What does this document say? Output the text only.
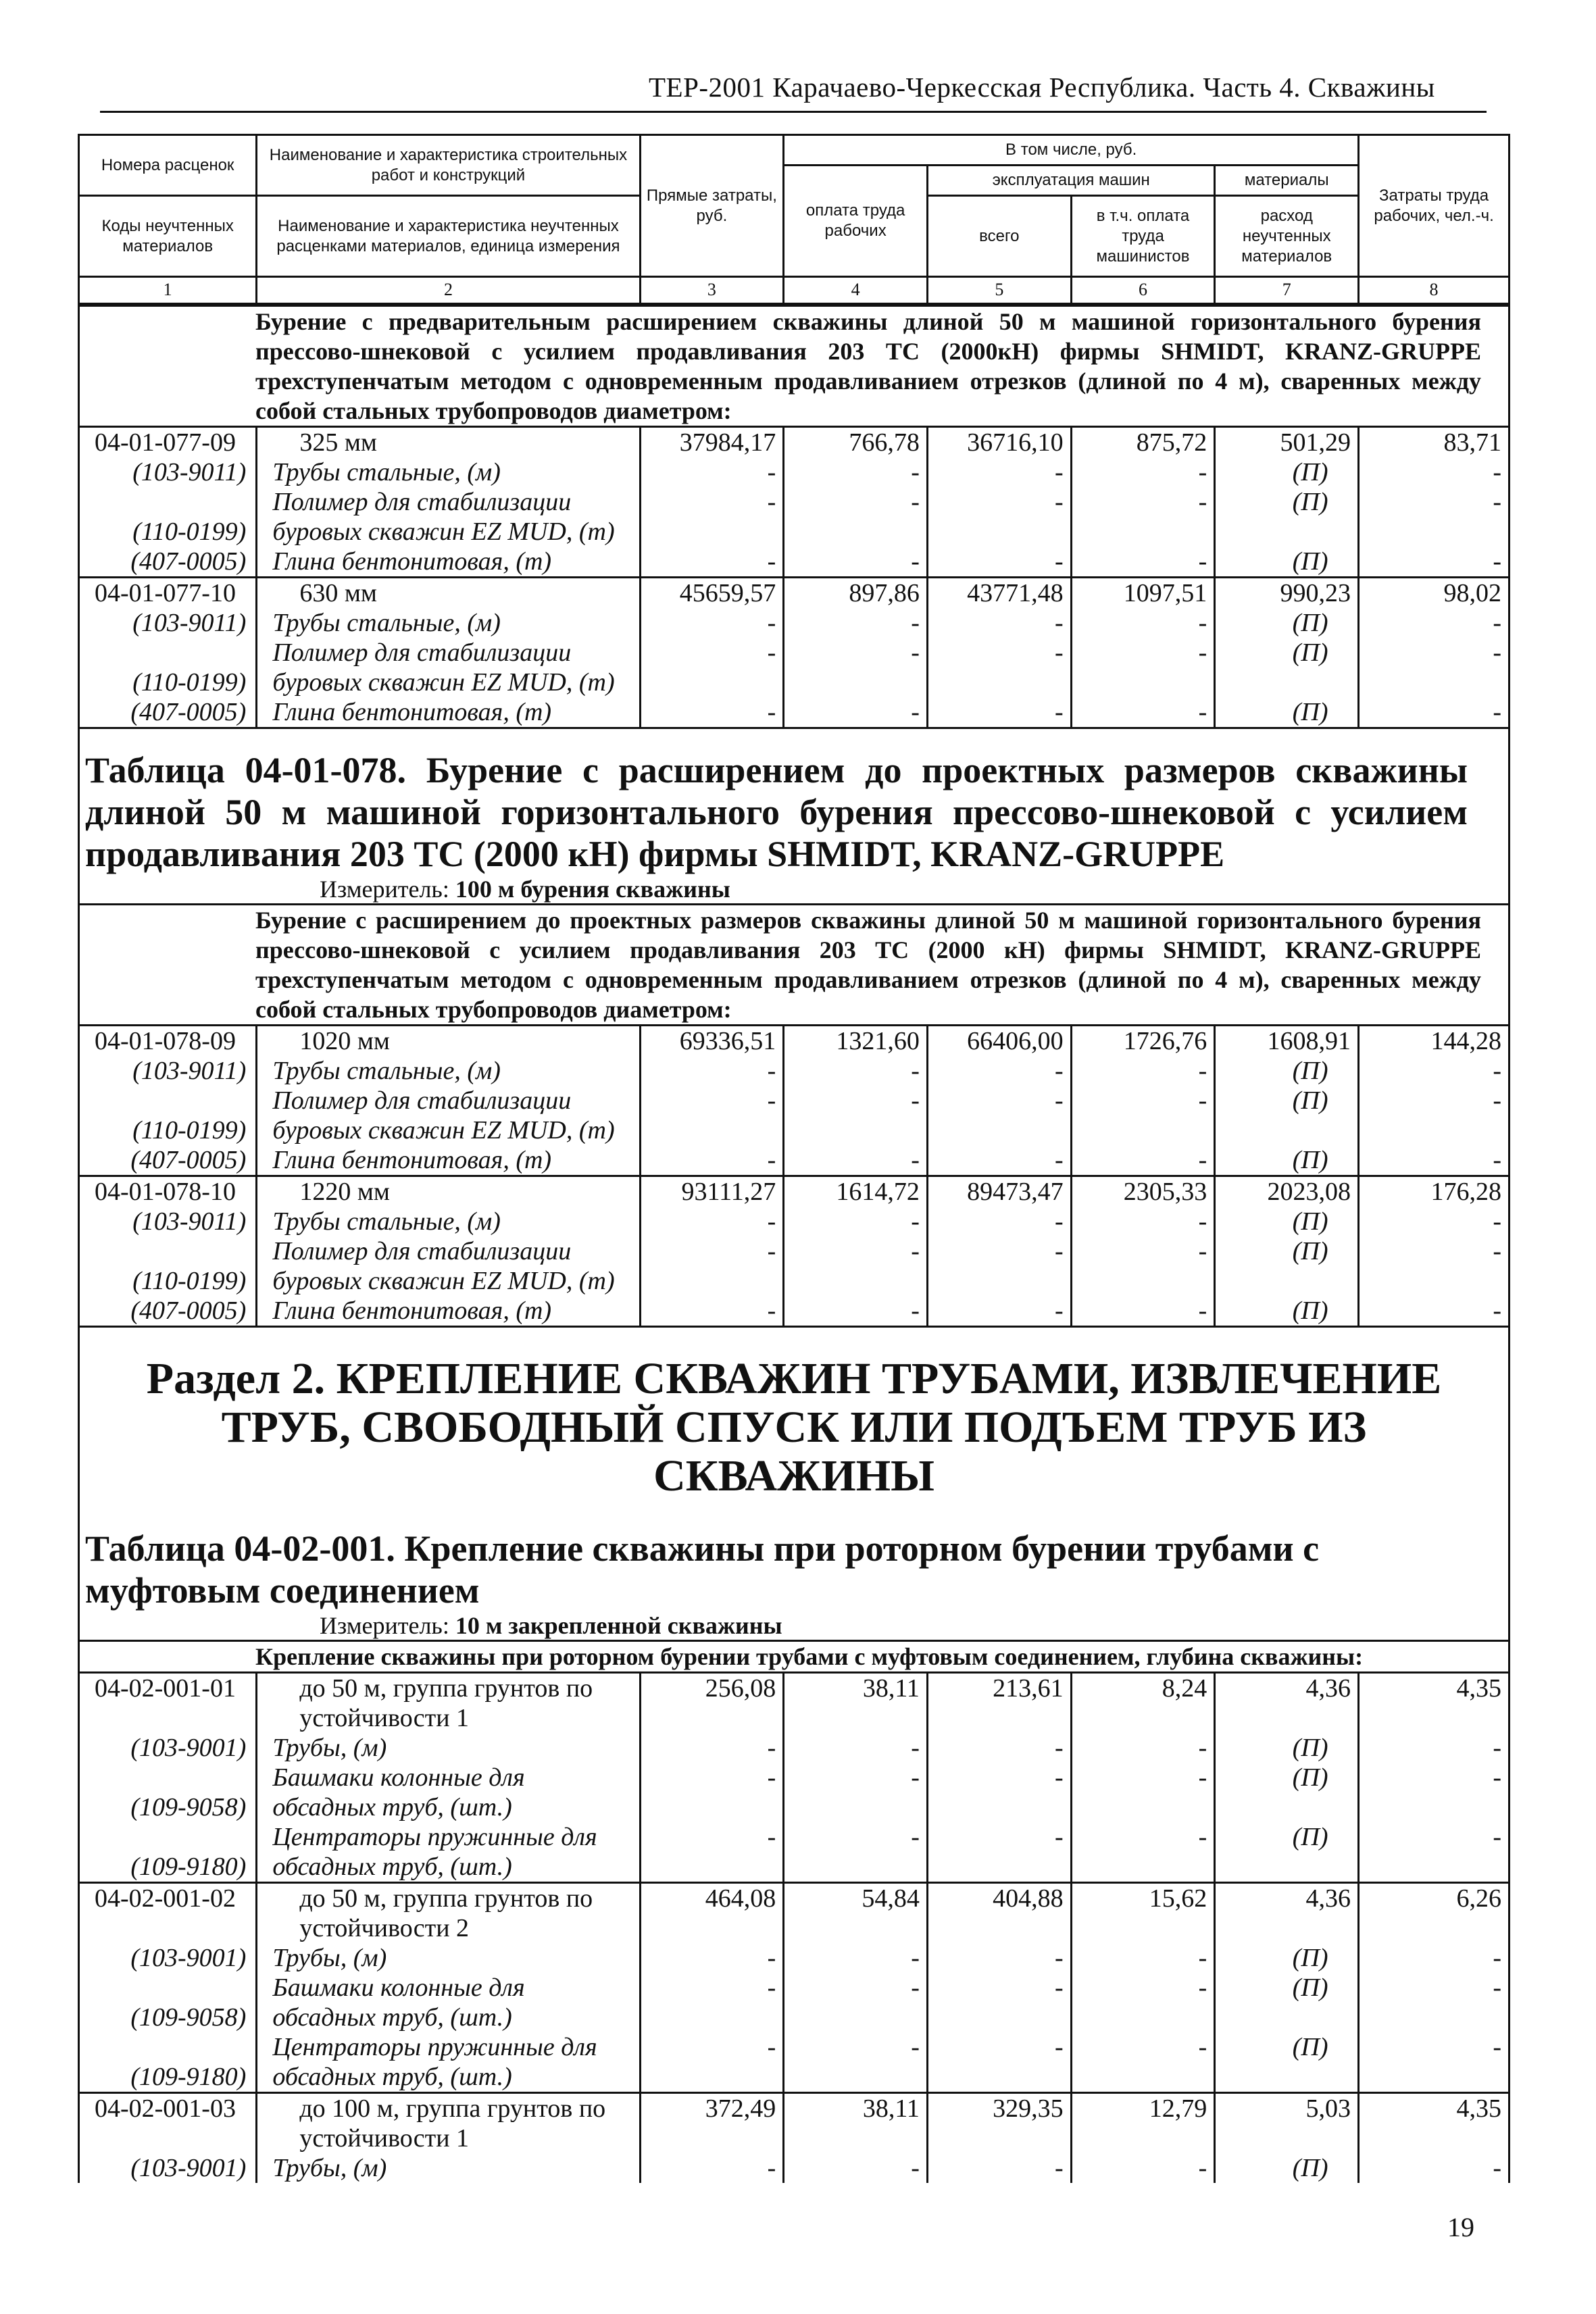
ТЕР-2001 Карачаево-Черкесская Республика. Часть 4. Скважины
Номера расценок	Наименование и характеристика строительных работ и конструкций	Прямые затраты, руб.	В том числе, руб.				Затраты труда рабочих, чел.-ч.
			оплата труда рабочих	эксплуатация машин		материалы	
Коды неучтенных материалов	Наименование и характеристика неучтенных расценками материалов, единица измерения			всего	в т.ч. оплата труда машинистов	расход неучтенных материалов	

1	2	3	4	5	6	7	8
Бурение с предварительным расширением скважины длиной 50 м машиной горизонтального бурения прессово-шнековой с усилием продавливания 203 ТС (2000кН) фирмы SHMIDT, KRANZ-GRUPPE трехступенчатым методом с одновременным продавливанием отрезков (длиной по 4 м), сваренных между собой стальных трубопроводов диаметром:							
04-01-077-09	325 мм	37984,17	766,78	36716,10	875,72	501,29	83,71
(103-9011)	Трубы стальные, (м)	-	-	-	-	(П)	-
(110-0199)	Полимер для стабилизации буровых скважин EZ MUD, (т)	-	-	-	-	(П)	-
(407-0005)	Глина бентонитовая, (т)	-	-	-	-	(П)	-
04-01-077-10	630 мм	45659,57	897,86	43771,48	1097,51	990,23	98,02
(103-9011)	Трубы стальные, (м)	-	-	-	-	(П)	-
(110-0199)	Полимер для стабилизации буровых скважин EZ MUD, (т)	-	-	-	-	(П)	-
(407-0005)	Глина бентонитовая, (т)	-	-	-	-	(П)	-

Таблица 04-01-078. Бурение с расширением до проектных размеров скважины длиной 50 м машиной горизонтального бурения прессово-шнековой с усилием продавливания 203 ТС (2000 кН) фирмы SHMIDT, KRANZ-GRUPPE							
Измеритель: 100 м бурения скважины							
Бурение с расширением до проектных размеров скважины длиной 50 м машиной горизонтального бурения прессово-шнековой с усилием продавливания 203 ТС (2000 кН) фирмы SHMIDT, KRANZ-GRUPPE трехступенчатым методом с одновременным продавливанием отрезков (длиной по 4 м), сваренных между собой стальных трубопроводов диаметром:							
04-01-078-09	1020 мм	69336,51	1321,60	66406,00	1726,76	1608,91	144,28
(103-9011)	Трубы стальные, (м)	-	-	-	-	(П)	-
(110-0199)	Полимер для стабилизации буровых скважин EZ MUD, (т)	-	-	-	-	(П)	-
(407-0005)	Глина бентонитовая, (т)	-	-	-	-	(П)	-
04-01-078-10	1220 мм	93111,27	1614,72	89473,47	2305,33	2023,08	176,28
(103-9011)	Трубы стальные, (м)	-	-	-	-	(П)	-
(110-0199)	Полимер для стабилизации буровых скважин EZ MUD, (т)	-	-	-	-	(П)	-
(407-0005)	Глина бентонитовая, (т)	-	-	-	-	(П)	-

Раздел 2. КРЕПЛЕНИЕ СКВАЖИН ТРУБАМИ, ИЗВЛЕЧЕНИЕ ТРУБ, СВОБОДНЫЙ СПУСК ИЛИ ПОДЪЕМ ТРУБ ИЗ СКВАЖИНЫ							

Таблица 04-02-001. Крепление скважины при роторном бурении трубами с муфтовым соединением							
Измеритель: 10 м закрепленной скважины							
Крепление скважины при роторном бурении трубами с муфтовым соединением, глубина скважины:							
04-02-001-01	до 50 м, группа грунтов по устойчивости 1	256,08	38,11	213,61	8,24	4,36	4,35
(103-9001)	Трубы, (м)	-	-	-	-	(П)	-
(109-9058)	Башмаки колонные для обсадных труб, (шт.)	-	-	-	-	(П)	-
(109-9180)	Центраторы пружинные для обсадных труб, (шт.)	-	-	-	-	(П)	-
04-02-001-02	до 50 м, группа грунтов по устойчивости 2	464,08	54,84	404,88	15,62	4,36	6,26
(103-9001)	Трубы, (м)	-	-	-	-	(П)	-
(109-9058)	Башмаки колонные для обсадных труб, (шт.)	-	-	-	-	(П)	-
(109-9180)	Центраторы пружинные для обсадных труб, (шт.)	-	-	-	-	(П)	-
04-02-001-03	до 100 м, группа грунтов по устойчивости 1	372,49	38,11	329,35	12,79	5,03	4,35
(103-9001)	Трубы, (м)	-	-	-	-	(П)	-

19
